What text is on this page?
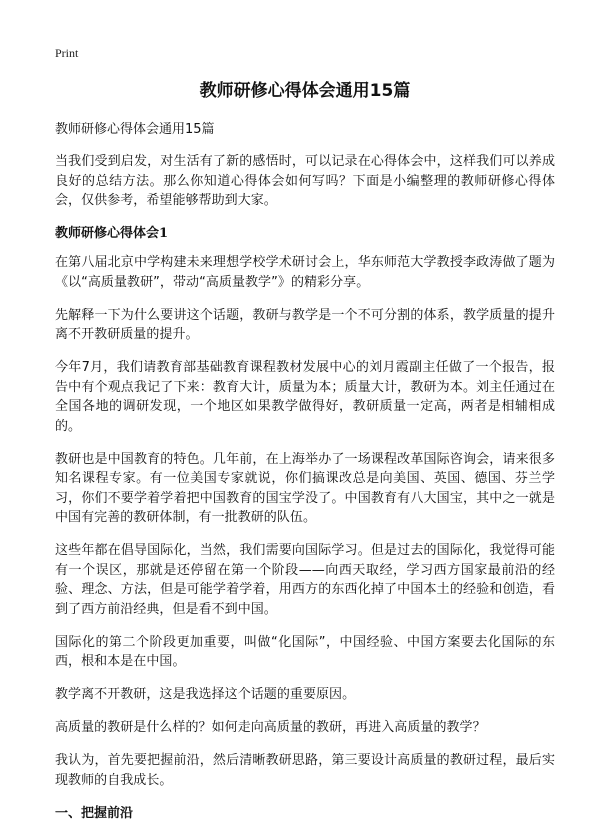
Print
教师研修心得体会通用15篇

教师研修心得体会通用15篇

当我们受到启发，对生活有了新的感悟时，可以记录在心得体会中，这样我们可以养成良好的总结方法。那么你知道心得体会如何写吗？下面是小编整理的教师研修心得体会，仅供参考，希望能够帮助到大家。

教师研修心得体会1

在第八届北京中学构建未来理想学校学术研讨会上，华东师范大学教授李政涛做了题为《以“高质量教研”，带动“高质量教学”》的精彩分享。

先解释一下为什么要讲这个话题，教研与教学是一个不可分割的体系，教学质量的提升离不开教研质量的提升。

今年7月，我们请教育部基础教育课程教材发展中心的刘月霞副主任做了一个报告，报告中有个观点我记了下来：教育大计，质量为本；质量大计，教研为本。刘主任通过在全国各地的调研发现，一个地区如果教学做得好，教研质量一定高，两者是相辅相成的。

教研也是中国教育的特色。几年前，在上海举办了一场课程改革国际咨询会，请来很多知名课程专家。有一位美国专家就说，你们搞课改总是向美国、英国、德国、芬兰学习，你们不要学着学着把中国教育的国宝学没了。中国教育有八大国宝，其中之一就是中国有完善的教研体制，有一批教研的队伍。

这些年都在倡导国际化，当然，我们需要向国际学习。但是过去的国际化，我觉得可能有一个误区，那就是还停留在第一个阶段——向西天取经，学习西方国家最前沿的经验、理念、方法，但是可能学着学着，用西方的东西化掉了中国本土的经验和创造，看到了西方前沿经典，但是看不到中国。

国际化的第二个阶段更加重要，叫做“化国际”，中国经验、中国方案要去化国际的东西，根和本是在中国。

教学离不开教研，这是我选择这个话题的重要原因。

高质量的教研是什么样的？如何走向高质量的教研，再进入高质量的教学？

我认为，首先要把握前沿，然后清晰教研思路，第三要设计高质量的教研过程，最后实现教师的自我成长。

一、把握前沿
